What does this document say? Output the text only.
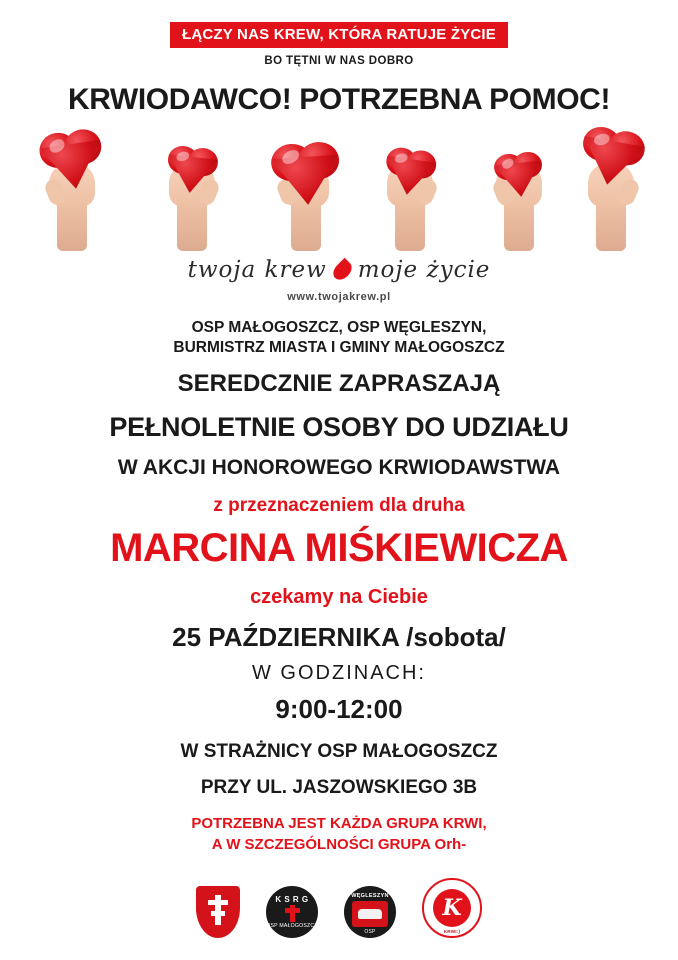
ŁĄCZY NAS KREW, KTÓRA RATUJE ŻYCIE
BO TĘTNI W NAS DOBRO
KRWIODAWCO! POTRZEBNA POMOC!
twoja krew moje życie
www.twojakrew.pl
OSP MAŁOGOSZCZ, OSP WĘGLESZYN,
BURMISTRZ MIASTA I GMINY MAŁOGOSZCZ
SEREDCZNIE ZAPRASZAJĄ
PEŁNOLETNIE OSOBY DO UDZIAŁU
W AKCJI HONOROWEGO KRWIODAWSTWA
z przeznaczeniem dla druha
MARCINA MIŚKIEWICZA
czekamy na Ciebie
25 PAŹDZIERNIKA /sobota/
W GODZINACH:
9:00-12:00
W STRAŻNICY OSP MAŁOGOSZCZ
PRZY UL. JASZOWSKIEGO 3B
POTRZEBNA JEST KAŻDA GRUPA KRWI,
A W SZCZEGÓLNOŚCI GRUPA Orh-
K S R G
OSP MAŁOGOSZCZ
WĘGLESZYN
OSP
K
KRWI:)
